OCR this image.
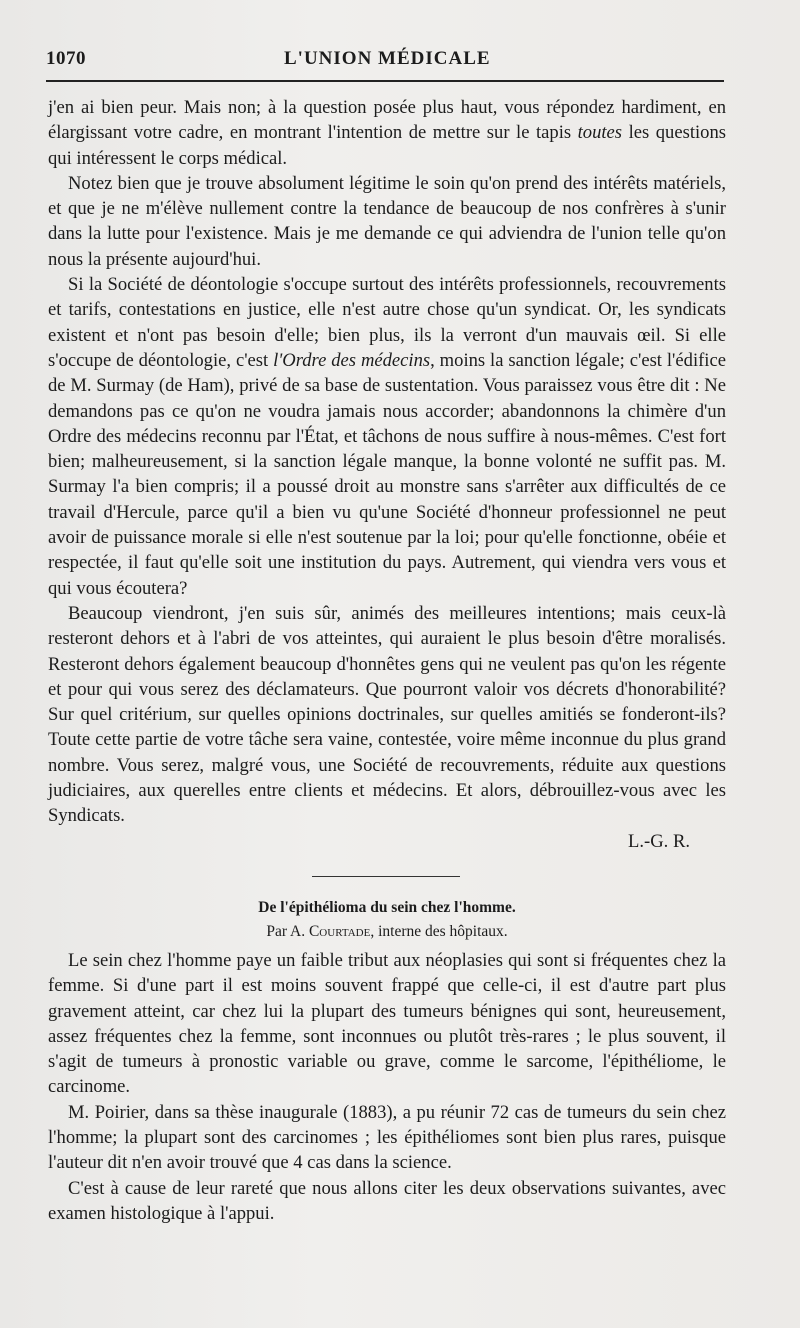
1070	L'UNION MÉDICALE

j'en ai bien peur. Mais non; à la question posée plus haut, vous répondez hardiment, en élargissant votre cadre, en montrant l'intention de mettre sur le tapis toutes les questions qui intéressent le corps médical.

Notez bien que je trouve absolument légitime le soin qu'on prend des intérêts matériels, et que je ne m'élève nullement contre la tendance de beaucoup de nos confrères à s'unir dans la lutte pour l'existence. Mais je me demande ce qui adviendra de l'union telle qu'on nous la présente aujourd'hui.

Si la Société de déontologie s'occupe surtout des intérêts professionnels, recouvrements et tarifs, contestations en justice, elle n'est autre chose qu'un syndicat. Or, les syndicats existent et n'ont pas besoin d'elle; bien plus, ils la verront d'un mauvais œil. Si elle s'occupe de déontologie, c'est l'Ordre des médecins, moins la sanction légale; c'est l'édifice de M. Surmay (de Ham), privé de sa base de sustentation. Vous paraissez vous être dit : Ne demandons pas ce qu'on ne voudra jamais nous accorder; abandonnons la chimère d'un Ordre des médecins reconnu par l'État, et tâchons de nous suffire à nous-mêmes. C'est fort bien; malheureusement, si la sanction légale manque, la bonne volonté ne suffit pas. M. Surmay l'a bien compris; il a poussé droit au monstre sans s'arrêter aux difficultés de ce travail d'Hercule, parce qu'il a bien vu qu'une Société d'honneur professionnel ne peut avoir de puissance morale si elle n'est soutenue par la loi; pour qu'elle fonctionne, obéie et respectée, il faut qu'elle soit une institution du pays. Autrement, qui viendra vers vous et qui vous écoutera?

Beaucoup viendront, j'en suis sûr, animés des meilleures intentions; mais ceux-là resteront dehors et à l'abri de vos atteintes, qui auraient le plus besoin d'être moralisés. Resteront dehors également beaucoup d'honnêtes gens qui ne veulent pas qu'on les régente et pour qui vous serez des déclamateurs. Que pourront valoir vos décrets d'honorabilité? Sur quel critérium, sur quelles opinions doctrinales, sur quelles amitiés se fonderont-ils? Toute cette partie de votre tâche sera vaine, contestée, voire même inconnue du plus grand nombre. Vous serez, malgré vous, une Société de recouvrements, réduite aux questions judiciaires, aux querelles entre clients et médecins. Et alors, débrouillez-vous avec les Syndicats.

L.-G. R.
De l'épithélioma du sein chez l'homme.
Par A. Courtade, interne des hôpitaux.

Le sein chez l'homme paye un faible tribut aux néoplasies qui sont si fréquentes chez la femme. Si d'une part il est moins souvent frappé que celle-ci, il est d'autre part plus gravement atteint, car chez lui la plupart des tumeurs bénignes qui sont, heureusement, assez fréquentes chez la femme, sont inconnues ou plutôt très-rares ; le plus souvent, il s'agit de tumeurs à pronostic variable ou grave, comme le sarcome, l'épithéliome, le carcinome.

M. Poirier, dans sa thèse inaugurale (1883), a pu réunir 72 cas de tumeurs du sein chez l'homme; la plupart sont des carcinomes ; les épithéliomes sont bien plus rares, puisque l'auteur dit n'en avoir trouvé que 4 cas dans la science.

C'est à cause de leur rareté que nous allons citer les deux observations suivantes, avec examen histologique à l'appui.
